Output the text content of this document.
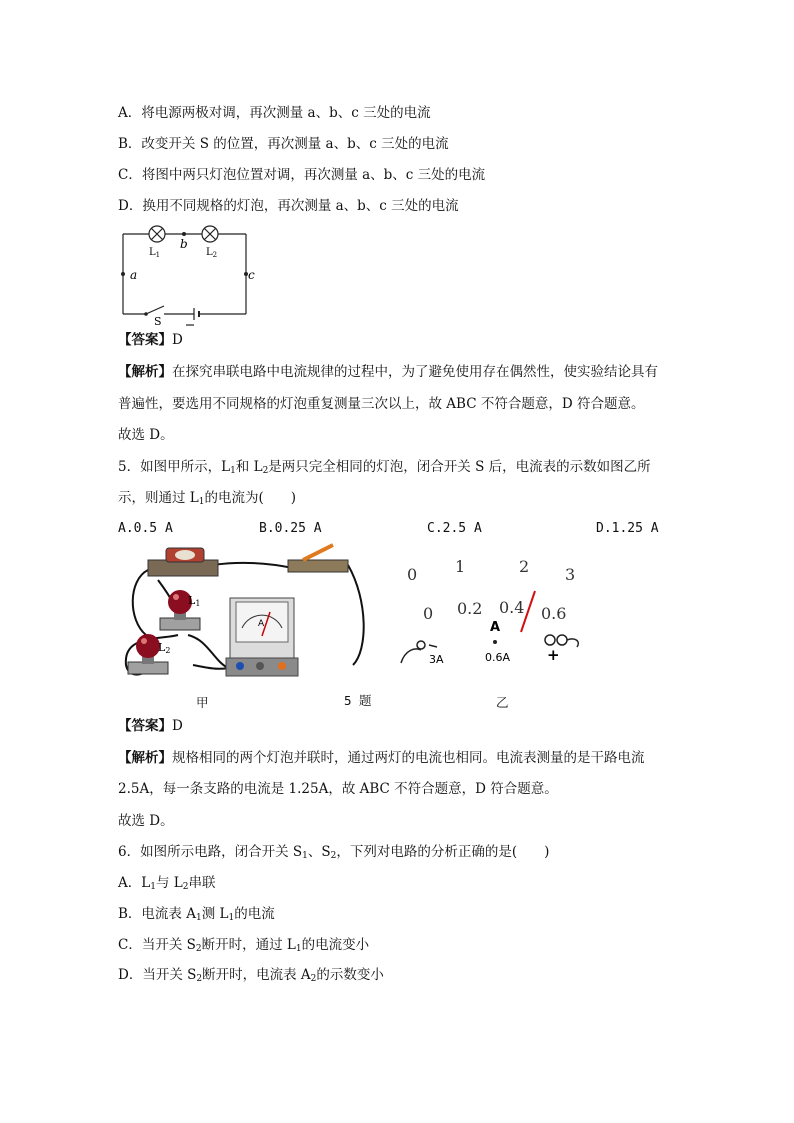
A．将电源两极对调，再次测量 a、b、c 三处的电流
B．改变开关 S 的位置，再次测量 a、b、c 三处的电流
C．将图中两只灯泡位置对调，再次测量 a、b、c 三处的电流
D．换用不同规格的灯泡，再次测量 a、b、c 三处的电流
$L_1$	$L_2$
b
a	c
S
【答案】D
【解析】在探究串联电路中电流规律的过程中，为了避免使用存在偶然性，使实验结论具有
普遍性，要选用不同规格的灯泡重复测量三次以上，故 ABC 不符合题意，D 符合题意。
故选 D。
5．如图甲所示，$L_1$和 $L_2$是两只完全相同的灯泡，闭合开关 S 后，电流表的示数如图乙所
示，则通过 $L_1$的电流为(　　)
A.0.5 A	B.0.25 A	C.2.5 A	D.1.25 A
L1
L2
A
甲	5 题
0 1	2 3
0 0.2 0.4 0.6
A
3A	0.6A +
乙
【答案】D
【解析】规格相同的两个灯泡并联时，通过两灯的电流也相同。电流表测量的是干路电流
2.5A，每一条支路的电流是 1.25A，故 ABC 不符合题意，D 符合题意。
故选 D。
6．如图所示电路，闭合开关 $S_1$、$S_2$，下列对电路的分析正确的是(　　)
A．$L_1$与 $L_2$串联
B．电流表 $A_1$测 $L_1$的电流
C．当开关 $S_2$断开时，通过 $L_1$的电流变小
D．当开关 $S_2$断开时，电流表 $A_2$的示数变小
